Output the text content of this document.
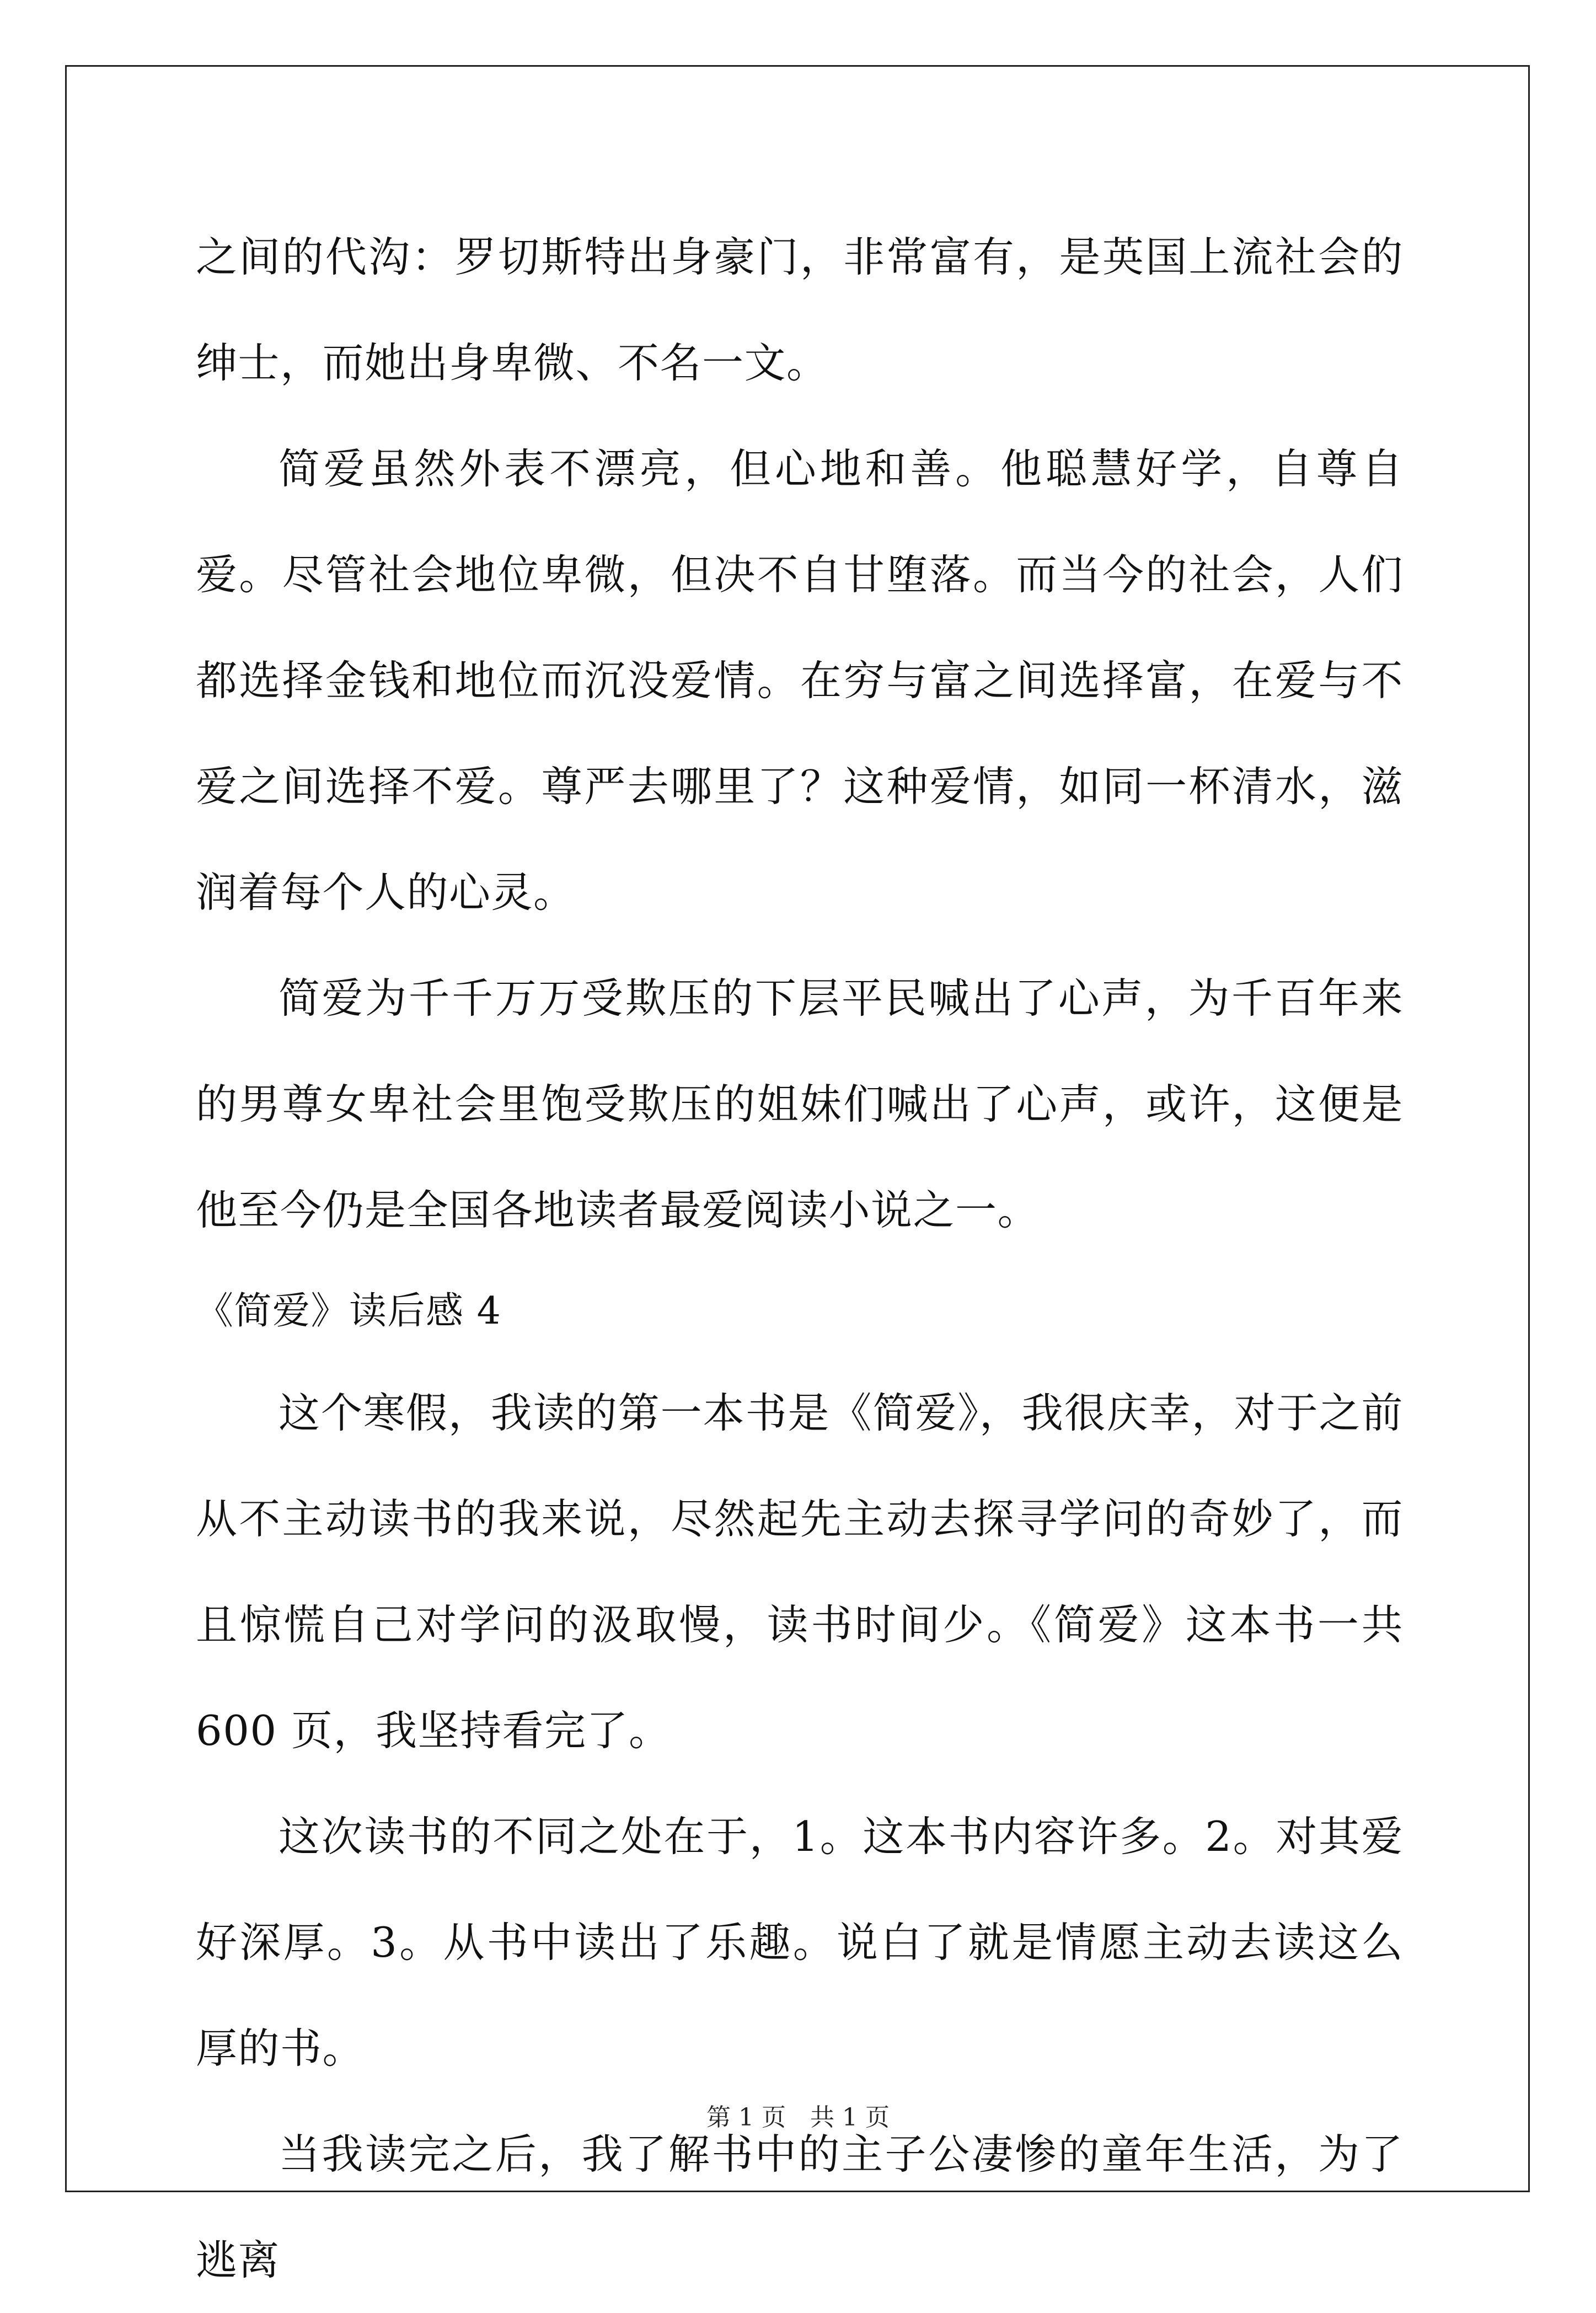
之间的代沟：罗切斯特出身豪门，非常富有，是英国上流社会的绅士，而她出身卑微、不名一文。

简爱虽然外表不漂亮，但心地和善。他聪慧好学，自尊自爱。尽管社会地位卑微，但决不自甘堕落。而当今的社会，人们都选择金钱和地位而沉没爱情。在穷与富之间选择富，在爱与不爱之间选择不爱。尊严去哪里了？这种爱情，如同一杯清水，滋润着每个人的心灵。

简爱为千千万万受欺压的下层平民喊出了心声，为千百年来的男尊女卑社会里饱受欺压的姐妹们喊出了心声，或许，这便是他至今仍是全国各地读者最爱阅读小说之一。

《简爱》读后感 4

这个寒假，我读的第一本书是《简爱》，我很庆幸，对于之前从不主动读书的我来说，尽然起先主动去探寻学问的奇妙了，而且惊慌自己对学问的汲取慢，读书时间少。《简爱》这本书一共 600 页，我坚持看完了。

这次读书的不同之处在于，1。这本书内容许多。2。对其爱好深厚。3。从书中读出了乐趣。说白了就是情愿主动去读这么厚的书。

当我读完之后，我了解书中的主子公凄惨的童年生活，为了逃离

第 1 页　共 1 页
